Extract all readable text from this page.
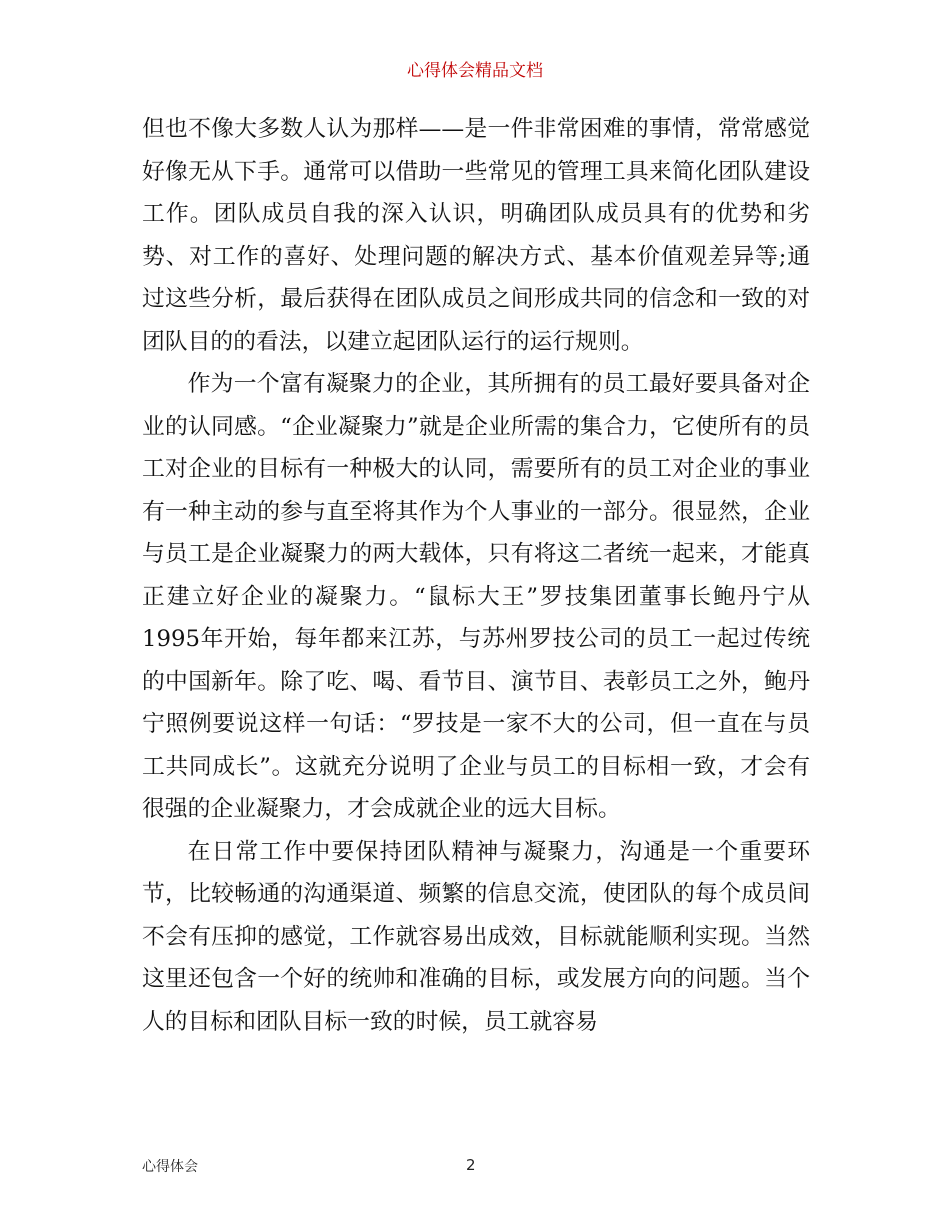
心得体会精品文档

但也不像大多数人认为那样——是一件非常困难的事情，常常感觉好像无从下手。通常可以借助一些常见的管理工具来简化团队建设工作。团队成员自我的深入认识，明确团队成员具有的优势和劣势、对工作的喜好、处理问题的解决方式、基本价值观差异等;通过这些分析，最后获得在团队成员之间形成共同的信念和一致的对团队目的的看法，以建立起团队运行的运行规则。

作为一个富有凝聚力的企业，其所拥有的员工最好要具备对企业的认同感。“企业凝聚力”就是企业所需的集合力，它使所有的员工对企业的目标有一种极大的认同，需要所有的员工对企业的事业有一种主动的参与直至将其作为个人事业的一部分。很显然，企业与员工是企业凝聚力的两大载体，只有将这二者统一起来，才能真正建立好企业的凝聚力。“鼠标大王”罗技集团董事长鲍丹宁从1995年开始，每年都来江苏，与苏州罗技公司的员工一起过传统的中国新年。除了吃、喝、看节目、演节目、表彰员工之外，鲍丹宁照例要说这样一句话：“罗技是一家不大的公司，但一直在与员工共同成长”。这就充分说明了企业与员工的目标相一致，才会有很强的企业凝聚力，才会成就企业的远大目标。

在日常工作中要保持团队精神与凝聚力，沟通是一个重要环节，比较畅通的沟通渠道、频繁的信息交流，使团队的每个成员间不会有压抑的感觉，工作就容易出成效，目标就能顺利实现。当然这里还包含一个好的统帅和准确的目标，或发展方向的问题。当个人的目标和团队目标一致的时候，员工就容易

心得体会	2
